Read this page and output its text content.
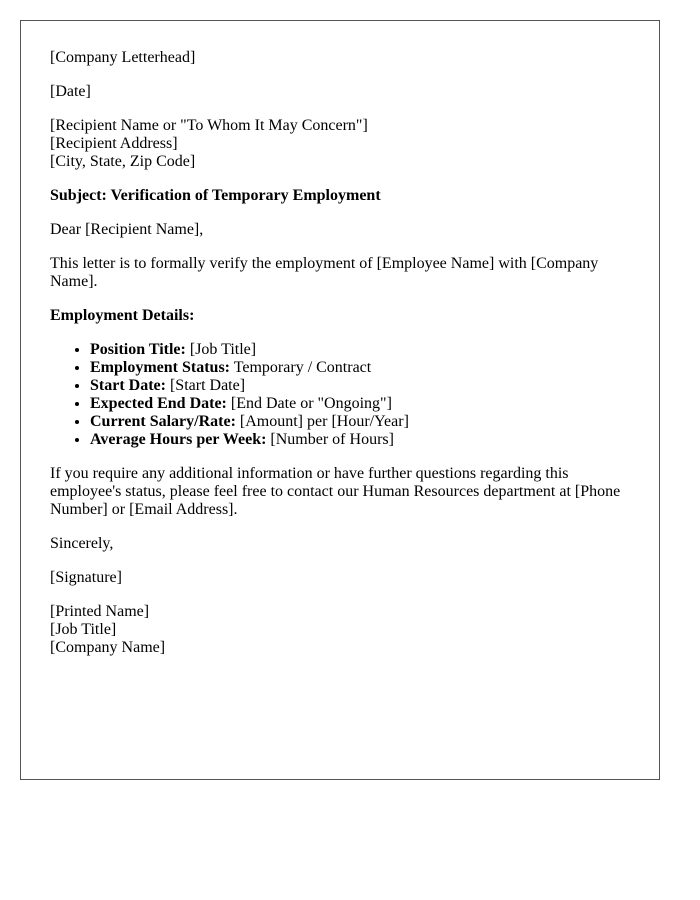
[Company Letterhead]

[Date]

[Recipient Name or "To Whom It May Concern"]
[Recipient Address]
[City, State, Zip Code]

Subject: Verification of Temporary Employment

Dear [Recipient Name],

This letter is to formally verify the employment of [Employee Name] with [Company Name].

Employment Details:

• Position Title: [Job Title]
• Employment Status: Temporary / Contract
• Start Date: [Start Date]
• Expected End Date: [End Date or "Ongoing"]
• Current Salary/Rate: [Amount] per [Hour/Year]
• Average Hours per Week: [Number of Hours]

If you require any additional information or have further questions regarding this employee's status, please feel free to contact our Human Resources department at [Phone Number] or [Email Address].

Sincerely,

[Signature]

[Printed Name]
[Job Title]
[Company Name]
